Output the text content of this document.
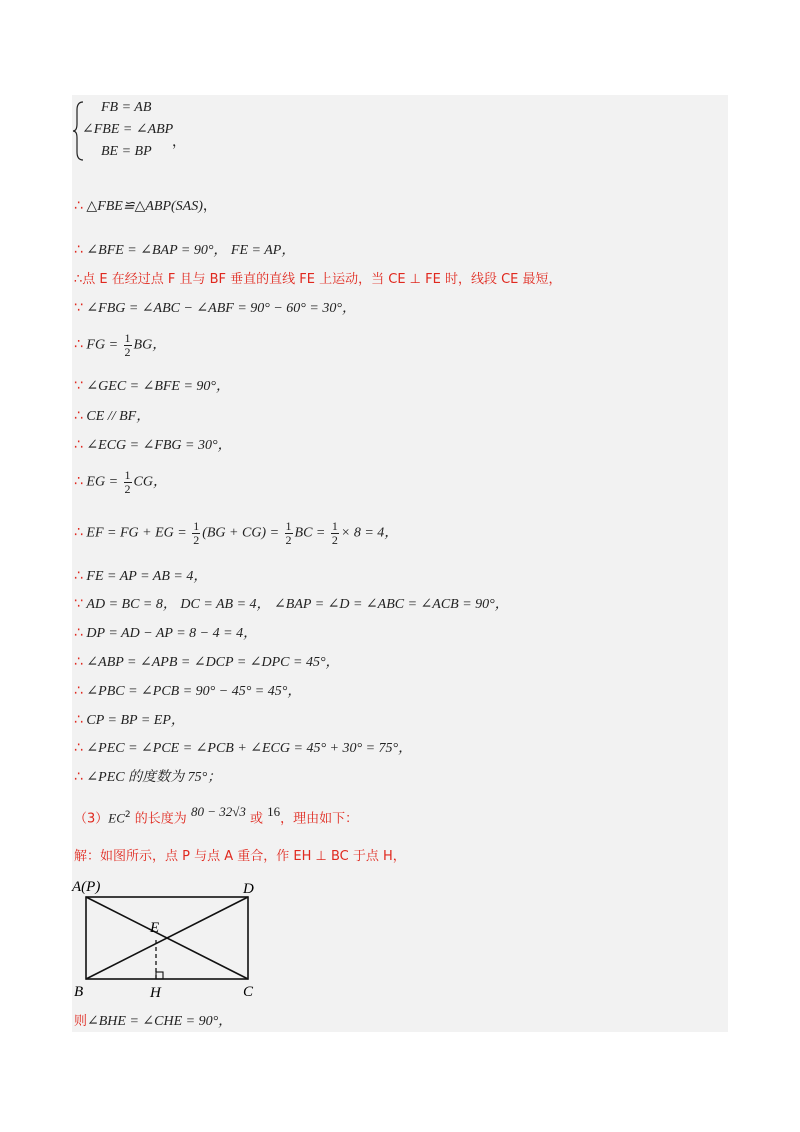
FB = AB
∠FBE = ∠ABP
BE = BP
，
∴ △FBE≌△ABP(SAS)，
∴ ∠BFE = ∠BAP = 90°， FE = AP，
∴点 E 在经过点 F 且与 BF 垂直的直线 FE 上运动，当 CE ⊥ FE 时，线段 CE 最短，
∵ ∠FBG = ∠ABC − ∠ABF = 90° − 60° = 30°，
∴ FG = $\frac{1}{2}$ BG，
∵ ∠GEC = ∠BFE = 90°，
∴ CE // BF，
∴ ∠ECG = ∠FBG = 30°，
∴ EG = $\frac{1}{2}$ CG，
∴ EF = FG + EG = $\frac{1}{2} (BG + CG) = \frac{1}{2}$ BC = $\frac{1}{2} \times 8 = 4$，
∴ FE = AP = AB = 4，
∵ AD = BC = 8， DC = AB = 4， ∠BAP = ∠D = ∠ABC = ∠ACB = 90°，
∴ DP = AD − AP = 8 − 4 = 4，
∴ ∠ABP = ∠APB = ∠DCP = ∠DPC = 45°，
∴ ∠PBC = ∠PCB = 90° − 45° = 45°，
∴ CP = BP = EP，
∴ ∠PEC = ∠PCE = ∠PCB + ∠ECG = 45° + 30° = 75°，
∴ ∠PEC 的度数为 75°；
$(3)EC^2$ 的长度为 80 − 32√3 或 16，理由如下：
解：如图所示，点 P 与点 A 重合，作 EH ⊥ BC 于点 H，
A(P)	D
E
B	H	C
则∠BHE = ∠CHE = 90°，
